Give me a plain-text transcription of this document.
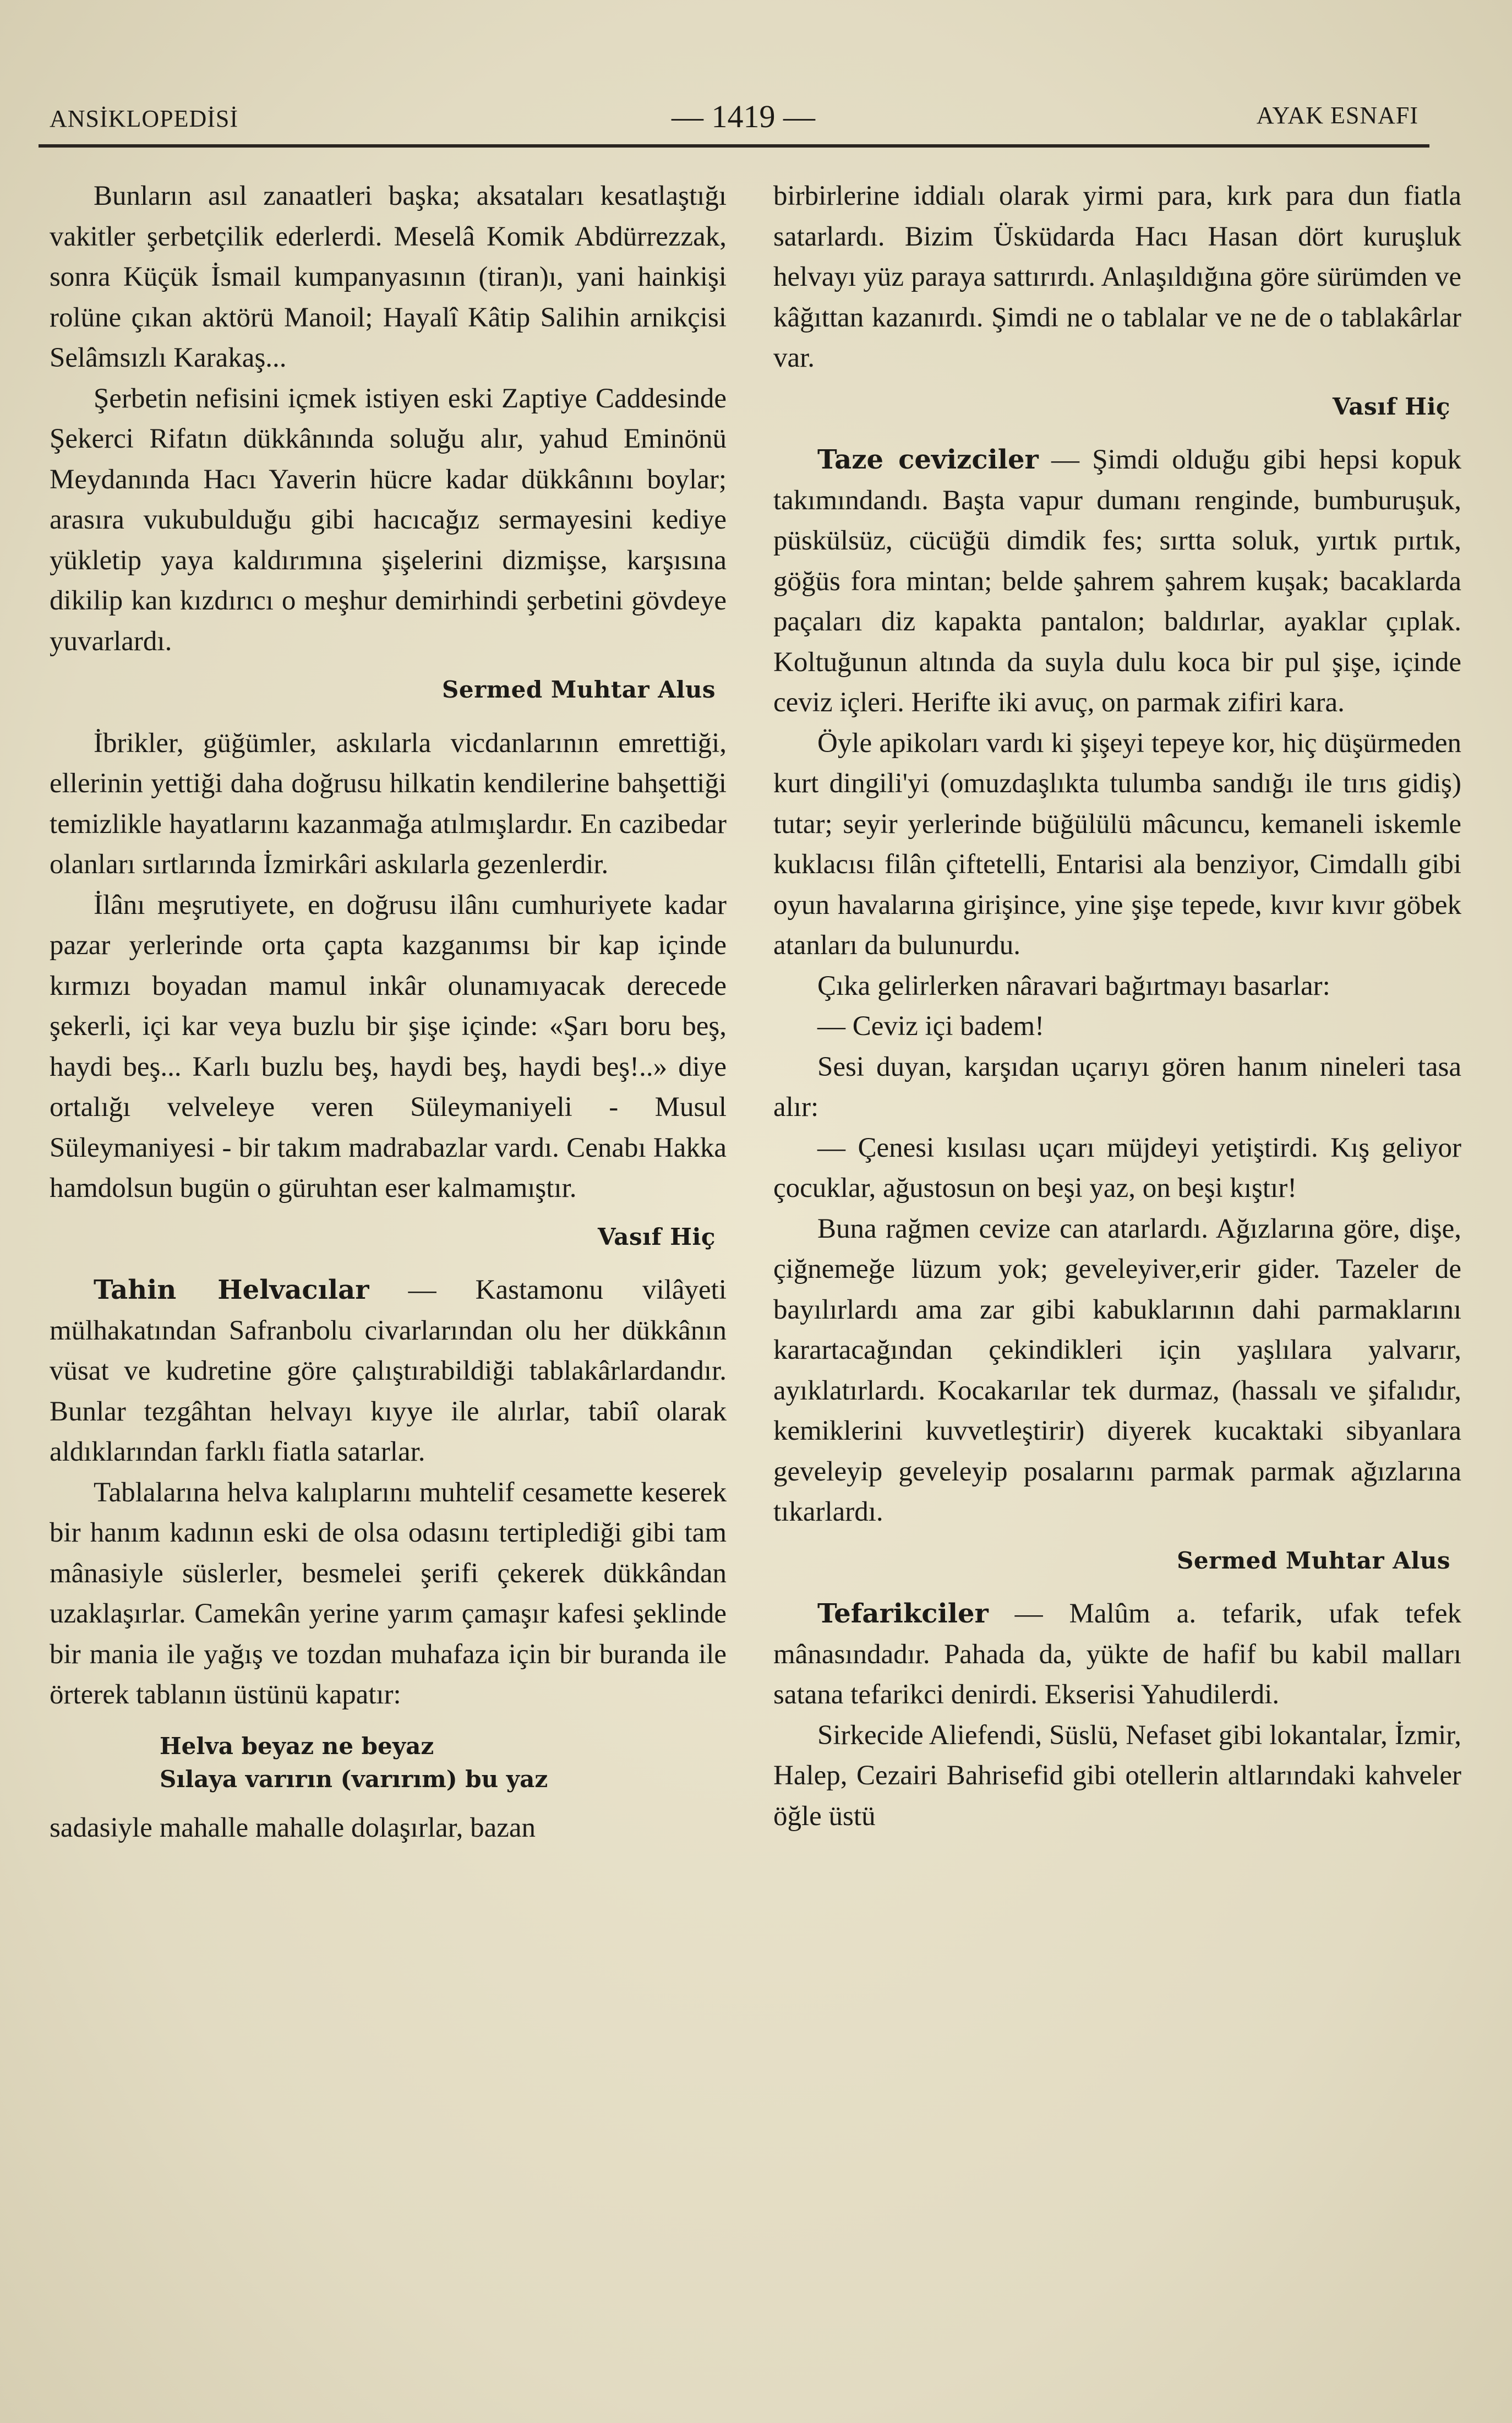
ANSİKLOPEDİSİ	— 1419 —	AYAK ESNAFI

Bunların asıl zanaatleri başka; aksataları kesatlaştığı vakitler şerbetçilik ederlerdi. Meselâ Komik Abdürrezzak, sonra Küçük İsmail kumpanyasının (tiran)ı, yani hainkişi rolüne çıkan aktörü Manoil; Hayalî Kâtip Salihin arnikçisi Selâmsızlı Karakaş...

Şerbetin nefisini içmek istiyen eski Zaptiye Caddesinde Şekerci Rifatın dükkânında soluğu alır, yahud Eminönü Meydanında Hacı Yaverin hücre kadar dükkânını boylar; arasıra vukubulduğu gibi hacıcağız sermayesini kediye yükletip yaya kaldırımına şişelerini dizmişse, karşısına dikilip kan kızdırıcı o meşhur demirhindi şerbetini gövdeye yuvarlardı.

Sermed Muhtar Alus

İbrikler, güğümler, askılarla vicdanlarının emrettiği, ellerinin yettiği daha doğrusu hilkatin kendilerine bahşettiği temizlikle hayatlarını kazanmağa atılmışlardır. En cazibedar olanları sırtlarında İzmirkâri askılarla gezenlerdir.

İlânı meşrutiyete, en doğrusu ilânı cumhuriyete kadar pazar yerlerinde orta çapta kazganımsı bir kap içinde kırmızı boyadan mamul inkâr olunamıyacak derecede şekerli, içi kar veya buzlu bir şişe içinde: «Şarı boru beş, haydi beş... Karlı buzlu beş, haydi beş, haydi beş!..» diye ortalığı velveleye veren Süleymaniyeli - Musul Süleymaniyesi - bir takım madrabazlar vardı. Cenabı Hakka hamdolsun bugün o güruhtan eser kalmamıştır.

Vasıf Hiç

Tahin Helvacılar — Kastamonu vilâyeti mülhakatından Safranbolu civarlarından olu her dükkânın vüsat ve kudretine göre çalıştırabildiği tablakârlardandır. Bunlar tezgâhtan helvayı kıyye ile alırlar, tabiî olarak aldıklarından farklı fiatla satarlar.

Tablalarına helva kalıplarını muhtelif cesamette keserek bir hanım kadının eski de olsa odasını tertiplediği gibi tam mânasiyle süslerler, besmelei şerifi çekerek dükkândan uzaklaşırlar. Camekân yerine yarım çamaşır kafesi şeklinde bir mania ile yağış ve tozdan muhafaza için bir buranda ile örterek tablanın üstünü kapatır:

Helva beyaz ne beyaz
Sılaya varırın (varırım) bu yaz

sadasiyle mahalle mahalle dolaşırlar, bazan

birbirlerine iddialı olarak yirmi para, kırk para dun fiatla satarlardı. Bizim Üsküdarda Hacı Hasan dört kuruşluk helvayı yüz paraya sattırırdı. Anlaşıldığına göre sürümden ve kâğıttan kazanırdı. Şimdi ne o tablalar ve ne de o tablakârlar var.

Vasıf Hiç

Taze cevizciler — Şimdi olduğu gibi hepsi kopuk takımındandı. Başta vapur dumanı renginde, bumburuşuk, püskülsüz, cücüğü dimdik fes; sırtta soluk, yırtık pırtık, göğüs fora mintan; belde şahrem şahrem kuşak; bacaklarda paçaları diz kapakta pantalon; baldırlar, ayaklar çıplak. Koltuğunun altında da suyla dulu koca bir pul şişe, içinde ceviz içleri. Herifte iki avuç, on parmak zifiri kara.

Öyle apikoları vardı ki şişeyi tepeye kor, hiç düşürmeden kurt dingili'yi (omuzdaşlıkta tulumba sandığı ile tırıs gidiş) tutar; seyir yerlerinde büğülülü mâcuncu, kemaneli iskemle kuklacısı filân çiftetelli, Entarisi ala benziyor, Cimdallı gibi oyun havalarına girişince, yine şişe tepede, kıvır kıvır göbek atanları da bulunurdu.

Çıka gelirlerken nâravari bağırtmayı basarlar:

— Ceviz içi badem!

Sesi duyan, karşıdan uçarıyı gören hanım nineleri tasa alır:

— Çenesi kısılası uçarı müjdeyi yetiştirdi. Kış geliyor çocuklar, ağustosun on beşi yaz, on beşi kıştır!

Buna rağmen cevize can atarlardı. Ağızlarına göre, dişe, çiğnemeğe lüzum yok; geveleyiver,erir gider. Tazeler de bayılırlardı ama zar gibi kabuklarının dahi parmaklarını karartacağından çekindikleri için yaşlılara yalvarır, ayıklatırlardı. Kocakarılar tek durmaz, (hassalı ve şifalıdır, kemiklerini kuvvetleştirir) diyerek kucaktaki sibyanlara geveleyip geveleyip posalarını parmak parmak ağızlarına tıkarlardı.

Sermed Muhtar Alus

Tefarikciler — Malûm a. tefarik, ufak tefek mânasındadır. Pahada da, yükte de hafif bu kabil malları satana tefarikci denirdi. Ekserisi Yahudilerdi.

Sirkecide Aliefendi, Süslü, Nefaset gibi lokantalar, İzmir, Halep, Cezairi Bahrisefid gibi otellerin altlarındaki kahveler öğle üstü
